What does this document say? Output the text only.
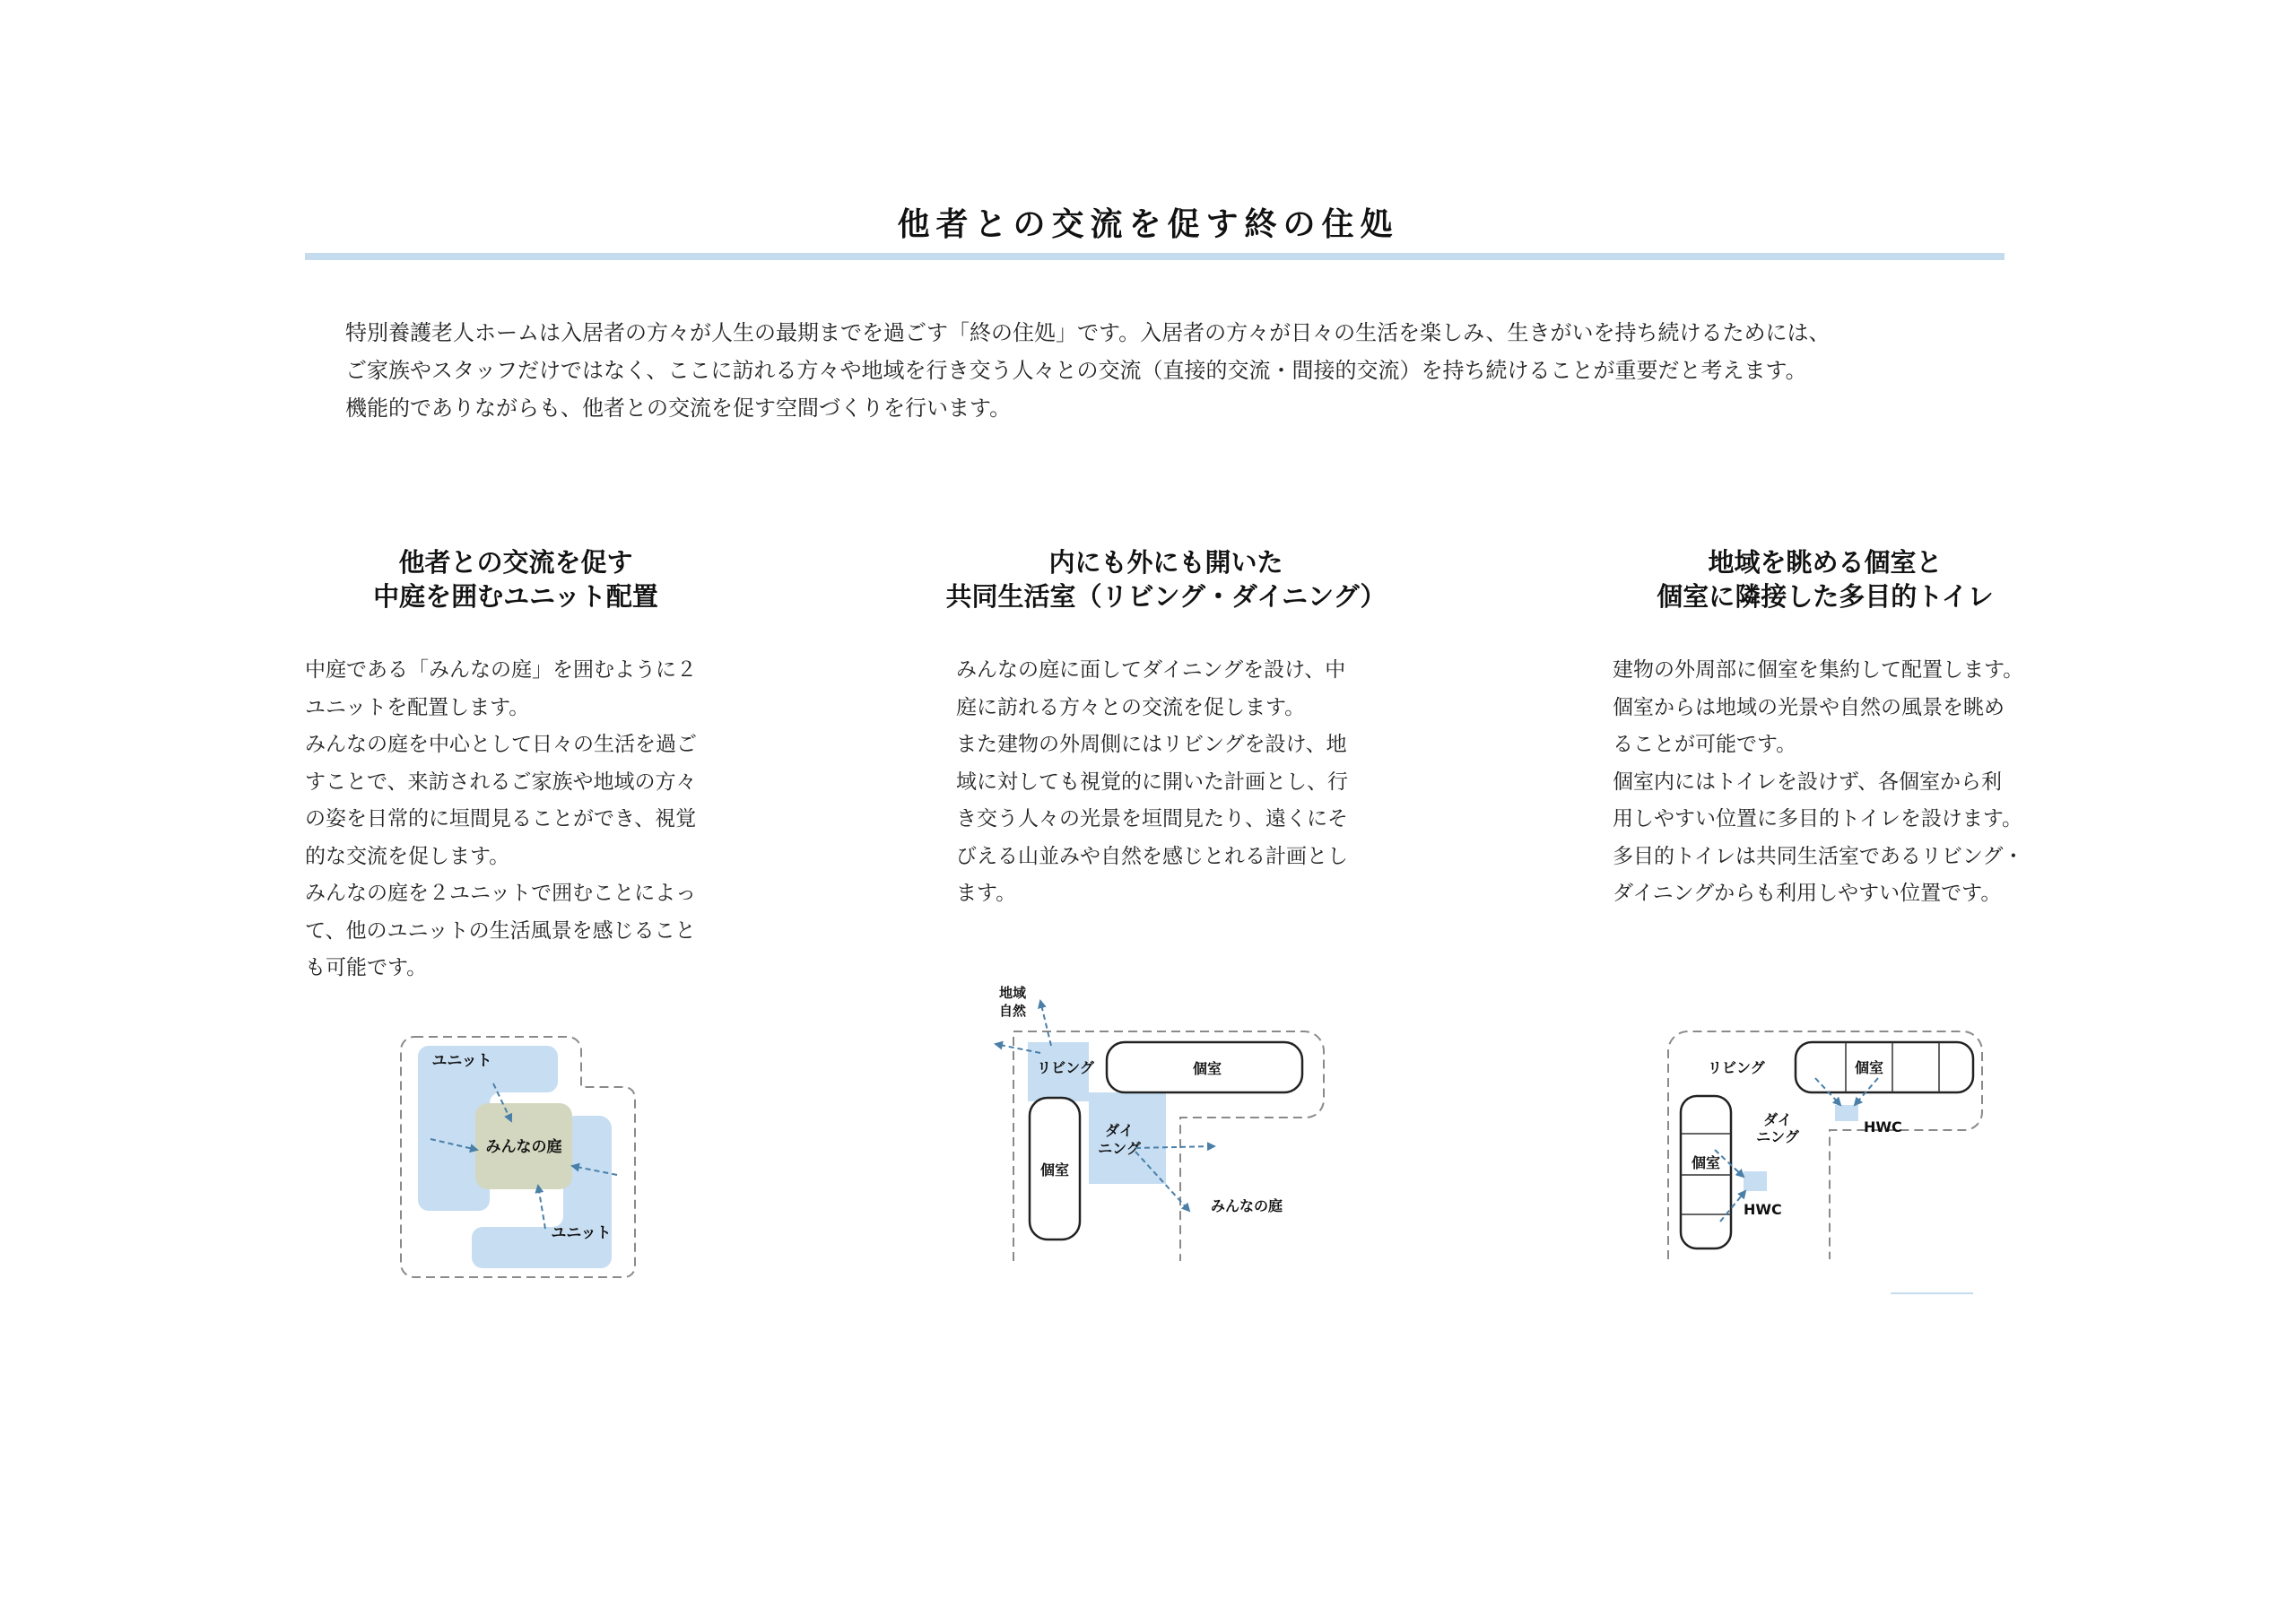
他者との交流を促す終の住処

特別養護老人ホームは入居者の方々が人生の最期までを過ごす「終の住処」です。入居者の方々が日々の生活を楽しみ、生きがいを持ち続けるためには、

ご家族やスタッフだけではなく、ここに訪れる方々や地域を行き交う人々との交流（直接的交流・間接的交流）を持ち続けることが重要だと考えます。

機能的でありながらも、他者との交流を促す空間づくりを行います。

他者との交流を促す
中庭を囲むユニット配置

中庭である「みんなの庭」を囲むように２

ユニットを配置します。

みんなの庭を中心として日々の生活を過ご

すことで、来訪されるご家族や地域の方々

の姿を日常的に垣間見ることができ、視覚

的な交流を促します。

みんなの庭を２ユニットで囲むことによっ

て、他のユニットの生活風景を感じること

も可能です。

内にも外にも開いた
共同生活室（リビング・ダイニング）

みんなの庭に面してダイニングを設け、中

庭に訪れる方々との交流を促します。

また建物の外周側にはリビングを設け、地

域に対しても視覚的に開いた計画とし、行

き交う人々の光景を垣間見たり、遠くにそ

びえる山並みや自然を感じとれる計画とし

ます。

地域を眺める個室と
個室に隣接した多目的トイレ

建物の外周部に個室を集約して配置します。

個室からは地域の光景や自然の風景を眺め

ることが可能です。

個室内にはトイレを設けず、各個室から利

用しやすい位置に多目的トイレを設けます。

多目的トイレは共同生活室であるリビング・

ダイニングからも利用しやすい位置です。

ユニット
みんなの庭
ユニット
地域
自然
リビング	個室
ダイ
ニング
個室
みんなの庭
リビング	個室
ダイ
ニング
HWC
個室
HWC
